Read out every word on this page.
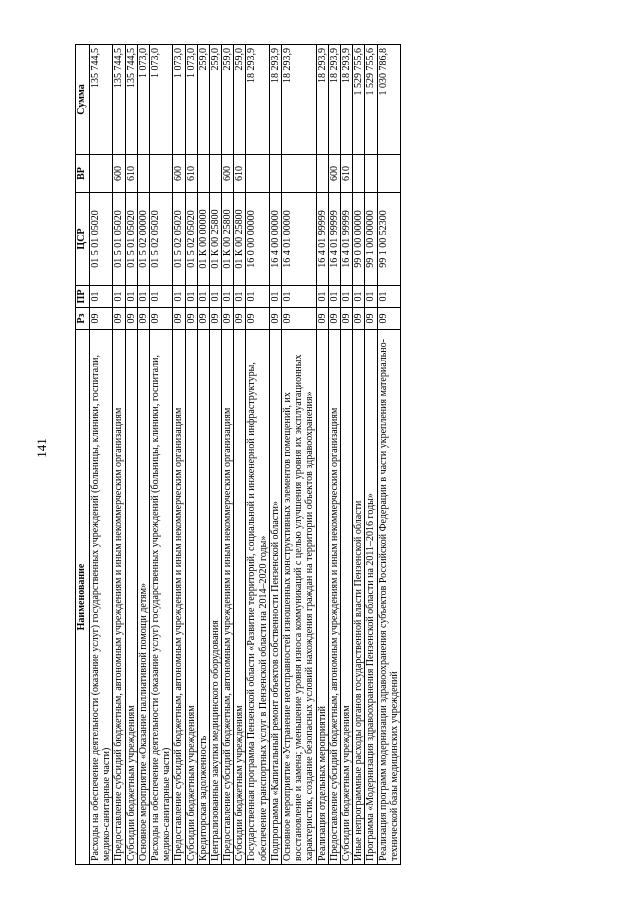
141
Наименование	Рз	ПР	ЦСР	ВР	Сумма
Расходы на обеспечение деятельности (оказание услуг) государственных учреждений (больницы, клиники, госпитали, медико-санитарные части)	09	01	01 5 01 05020		135 744,5
Предоставление субсидий бюджетным, автономным учреждениям и иным некоммерческим организациям	09	01	01 5 01 05020	600	135 744,5
Субсидии бюджетным учреждениям	09	01	01 5 01 05020	610	135 744,5
Основное мероприятие «Оказание паллиативной помощи детям»	09	01	01 5 02 00000		1 073,0
Расходы на обеспечение деятельности (оказание услуг) государственных учреждений (больницы, клиники, госпитали, медико-санитарные части)	09	01	01 5 02 05020		1 073,0
Предоставление субсидий бюджетным, автономным учреждениям и иным некоммерческим организациям	09	01	01 5 02 05020	600	1 073,0
Субсидии бюджетным учреждениям	09	01	01 5 02 05020	610	1 073,0
Кредиторская задолженность	09	01	01 К 00 00000		259,0
Централизованные закупки медицинского оборудования	09	01	01 К 00 25800		259,0
Предоставление субсидий бюджетным, автономным учреждениям и иным некоммерческим организациям	09	01	01 К 00 25800	600	259,0
Субсидии бюджетным учреждениям	09	01	01 К 00 25800	610	259,0
Государственная программа Пензенской области «Развитие территорий, социальной и инженерной инфраструктуры, обеспечение транспортных услуг в Пензенской области на 2014–2020 годы»	09	01	16 0 00 00000		18 293,9
Подпрограмма «Капитальный ремонт объектов собственности Пензенской области»	09	01	16 4 00 00000		18 293,9
Основное мероприятие «Устранение неисправностей изношенных конструктивных элементов помещений, их восстановление и замена; уменьшение уровня износа коммуникаций с целью улучшения уровня их эксплуатационных характеристик, создание безопасных условий нахождения граждан на территории объектов здравоохранения»	09	01	16 4 01 00000		18 293,9
Реализация отдельных мероприятий	09	01	16 4 01 99999		18 293,9
Предоставление субсидий бюджетным, автономным учреждениям и иным некоммерческим организациям	09	01	16 4 01 99999	600	18 293,9
Субсидии бюджетным учреждениям	09	01	16 4 01 99999	610	18 293,9
Иные непрограммные расходы органов государственной власти Пензенской области	09	01	99 0 00 00000		1 529 755,6
Программа «Модернизация здравоохранения Пензенской области на 2011–2016 годы»	09	01	99 1 00 00000		1 529 755,6
Реализация программ модернизации здравоохранения субъектов Российской Федерации в части укрепления материально-технической базы медицинских учреждений	09	01	99 1 00 52300		1 030 786,8
